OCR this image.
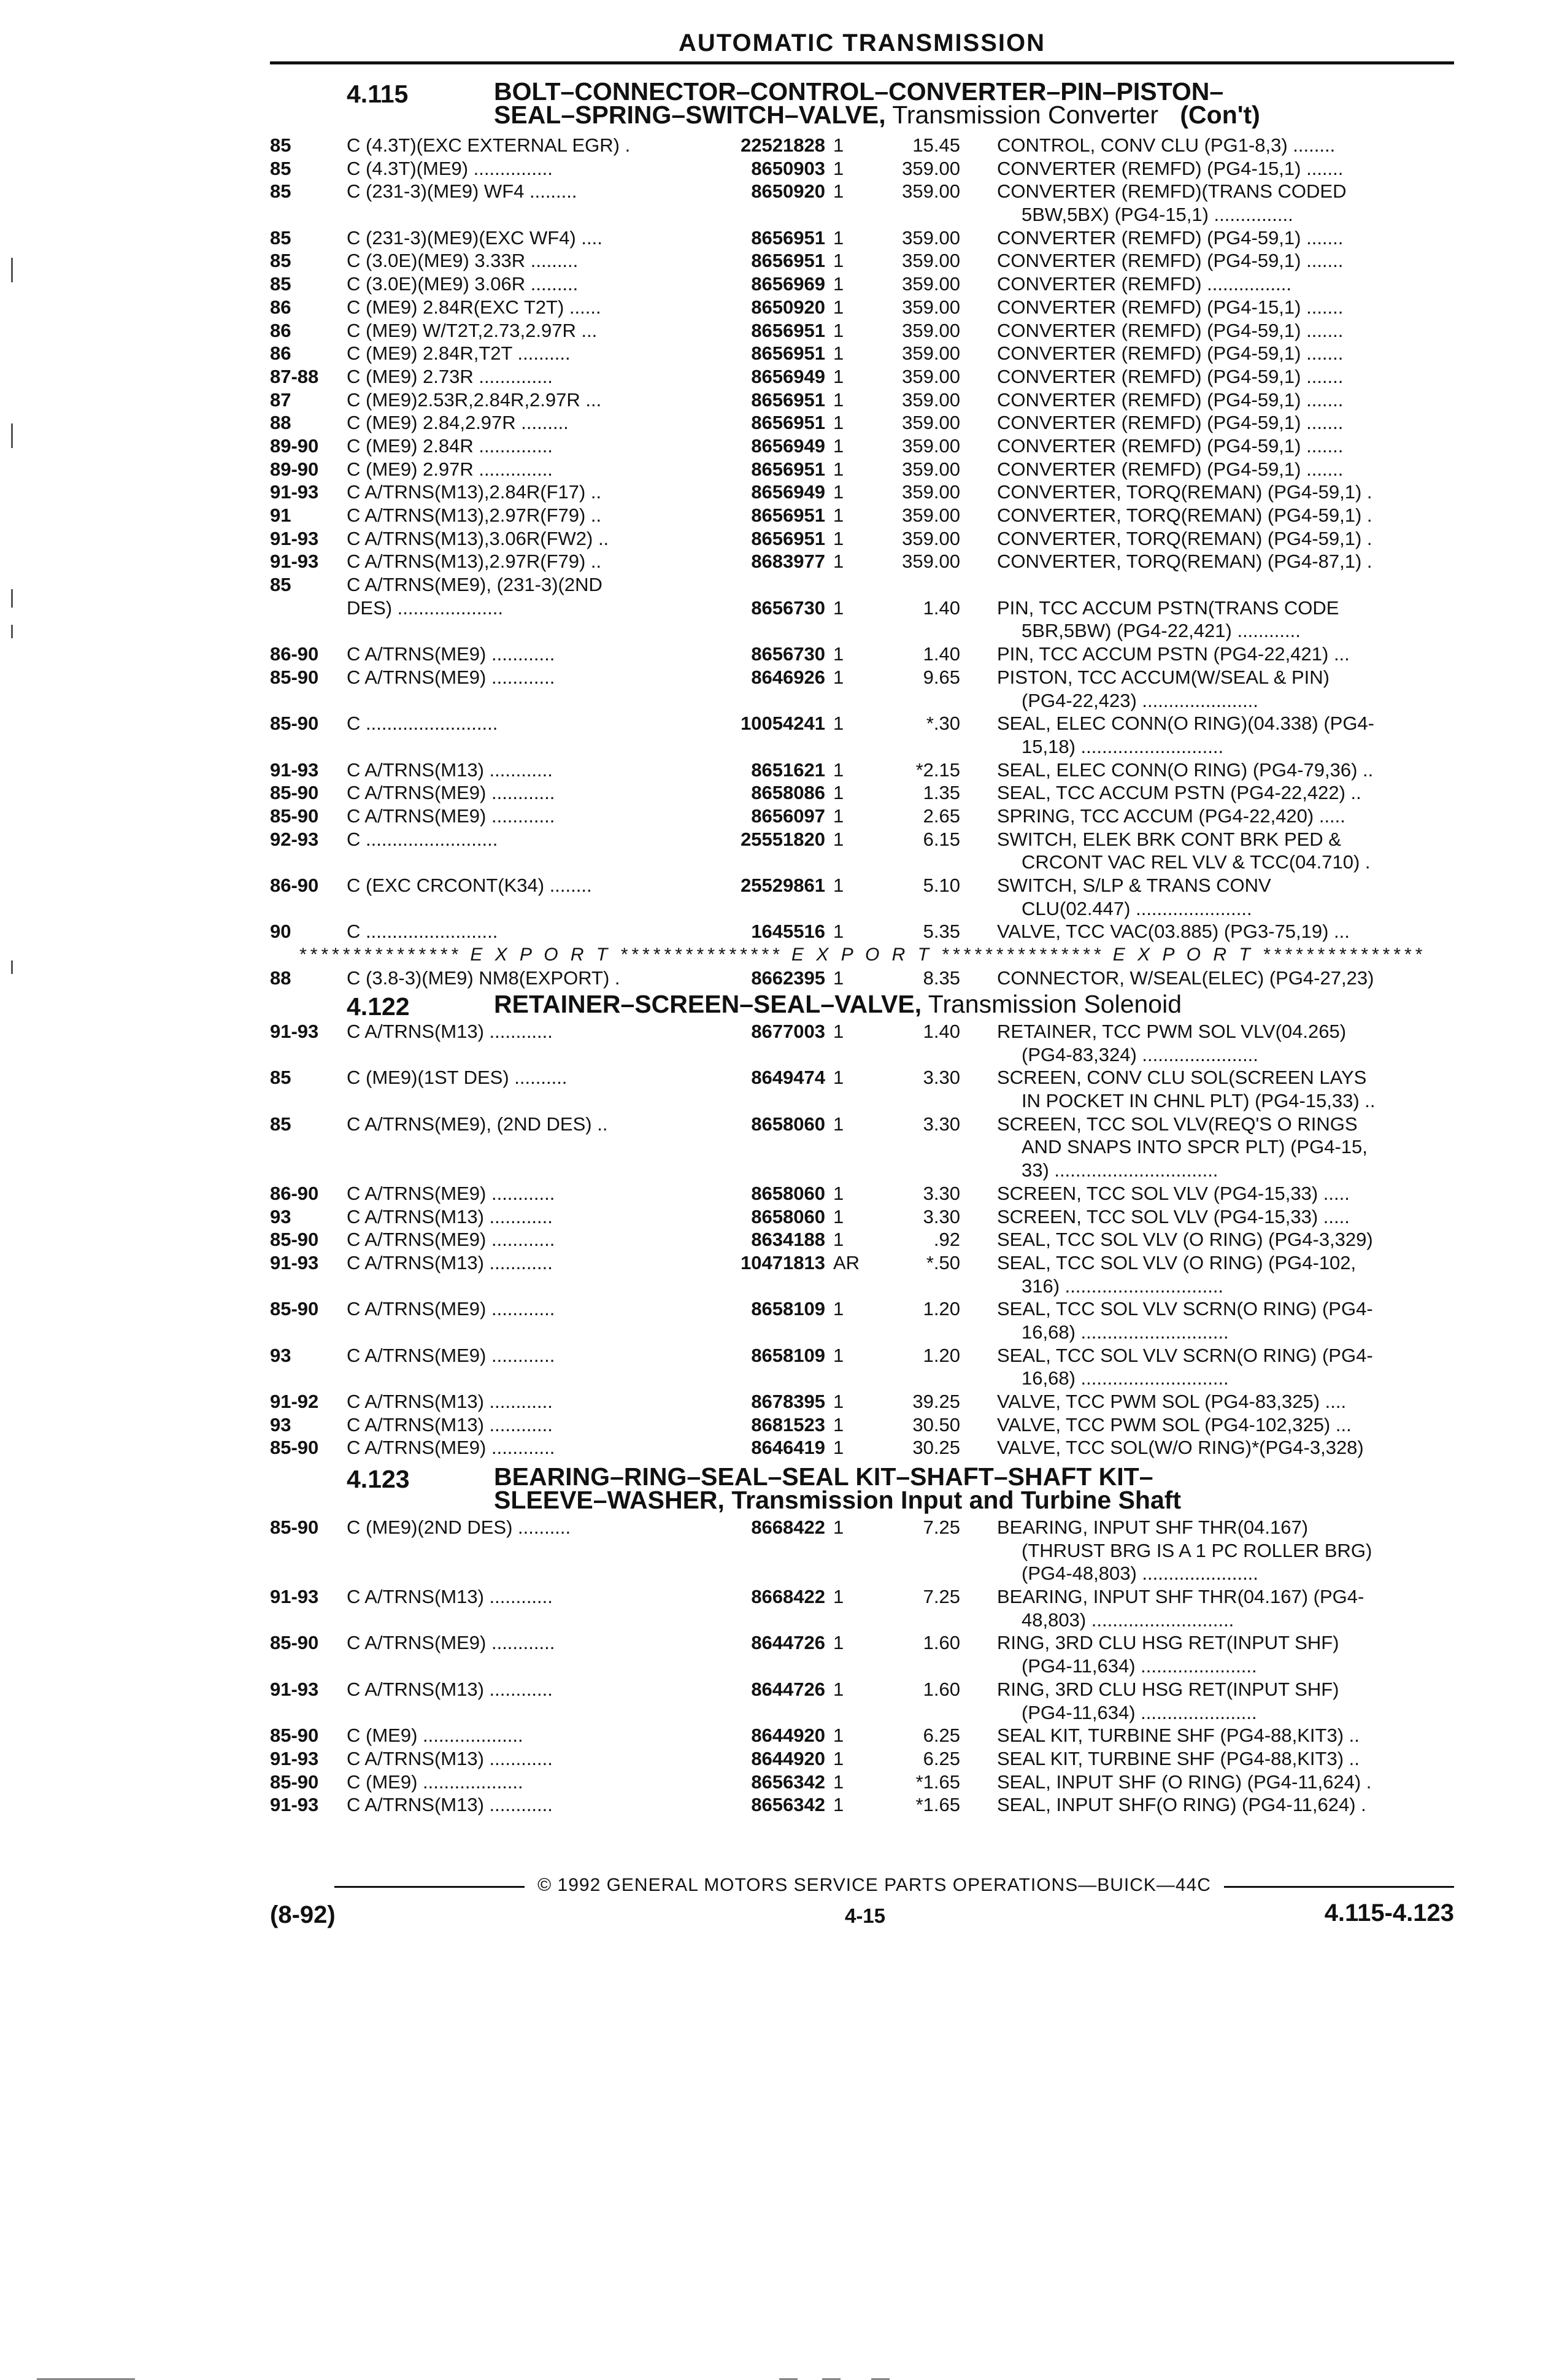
AUTOMATIC TRANSMISSION
4.115	BOLT–CONNECTOR–CONTROL–CONVERTER–PIN–PISTON–
SEAL–SPRING–SWITCH–VALVE, Transmission Converter (Con't)
85	C (4.3T)(EXC EXTERNAL EGR) .	22521828 1	15.45 CONTROL, CONV CLU (PG1-8,3) ........
85	C (4.3T)(ME9) ...............	8650903 1	359.00 CONVERTER (REMFD) (PG4-15,1) .......
85	C (231-3)(ME9) WF4 .........	8650920 1	359.00 CONVERTER (REMFD)(TRANS CODED
5BW,5BX) (PG4-15,1) ...............
85	C (231-3)(ME9)(EXC WF4) ....	8656951 1	359.00 CONVERTER (REMFD) (PG4-59,1) .......
85	C (3.0E)(ME9) 3.33R .........	8656951 1	359.00 CONVERTER (REMFD) (PG4-59,1) .......
85	C (3.0E)(ME9) 3.06R .........	8656969 1	359.00 CONVERTER (REMFD) ................
86	C (ME9) 2.84R(EXC T2T) ......	8650920 1	359.00 CONVERTER (REMFD) (PG4-15,1) .......
86	C (ME9) W/T2T,2.73,2.97R ...	8656951 1	359.00 CONVERTER (REMFD) (PG4-59,1) .......
86	C (ME9) 2.84R,T2T ..........	8656951 1	359.00 CONVERTER (REMFD) (PG4-59,1) .......
87-88	C (ME9) 2.73R ..............	8656949 1	359.00 CONVERTER (REMFD) (PG4-59,1) .......
87	C (ME9)2.53R,2.84R,2.97R ...	8656951 1	359.00 CONVERTER (REMFD) (PG4-59,1) .......
88	C (ME9) 2.84,2.97R .........	8656951 1	359.00 CONVERTER (REMFD) (PG4-59,1) .......
89-90	C (ME9) 2.84R ..............	8656949 1	359.00 CONVERTER (REMFD) (PG4-59,1) .......
89-90	C (ME9) 2.97R ..............	8656951 1	359.00 CONVERTER (REMFD) (PG4-59,1) .......
91-93	C A/TRNS(M13),2.84R(F17) ..	8656949 1	359.00 CONVERTER, TORQ(REMAN) (PG4-59,1) .
91	C A/TRNS(M13),2.97R(F79) ..	8656951 1	359.00 CONVERTER, TORQ(REMAN) (PG4-59,1) .
91-93	C A/TRNS(M13),3.06R(FW2) ..	8656951 1	359.00 CONVERTER, TORQ(REMAN) (PG4-59,1) .
91-93	C A/TRNS(M13),2.97R(F79) ..	8683977 1	359.00 CONVERTER, TORQ(REMAN) (PG4-87,1) .
85	C A/TRNS(ME9), (231-3)(2ND
DES) ....................	8656730 1	1.40 PIN, TCC ACCUM PSTN(TRANS CODE
5BR,5BW) (PG4-22,421) ............
86-90	C A/TRNS(ME9) ............	8656730 1	1.40 PIN, TCC ACCUM PSTN (PG4-22,421) ...
85-90	C A/TRNS(ME9) ............	8646926 1	9.65 PISTON, TCC ACCUM(W/SEAL & PIN)
(PG4-22,423) ......................
85-90	C .........................	10054241 1	*.30 SEAL, ELEC CONN(O RING)(04.338) (PG4-
15,18) ...........................
91-93	C A/TRNS(M13) ............	8651621 1	*2.15 SEAL, ELEC CONN(O RING) (PG4-79,36) ..
85-90	C A/TRNS(ME9) ............	8658086 1	1.35 SEAL, TCC ACCUM PSTN (PG4-22,422) ..
85-90	C A/TRNS(ME9) ............	8656097 1	2.65 SPRING, TCC ACCUM (PG4-22,420) .....
92-93	C .........................	25551820 1	6.15 SWITCH, ELEK BRK CONT BRK PED &
CRCONT VAC REL VLV & TCC(04.710) .
86-90	C (EXC CRCONT(K34) ........	25529861 1	5.10 SWITCH, S/LP & TRANS CONV
CLU(02.447) ......................
90	C .........................	1645516 1	5.35 VALVE, TCC VAC(03.885) (PG3-75,19) ...
*************** E X P O R T *************** E X P O R T *************** E X P O R T ***************
88	C (3.8-3)(ME9) NM8(EXPORT) .	8662395 1	8.35 CONNECTOR, W/SEAL(ELEC) (PG4-27,23)
4.122	RETAINER–SCREEN–SEAL–VALVE, Transmission Solenoid
91-93	C A/TRNS(M13) ............	8677003 1	1.40 RETAINER, TCC PWM SOL VLV(04.265)
(PG4-83,324) ......................
85	C (ME9)(1ST DES) ..........	8649474 1	3.30 SCREEN, CONV CLU SOL(SCREEN LAYS
IN POCKET IN CHNL PLT) (PG4-15,33) ..
85	C A/TRNS(ME9), (2ND DES) ..	8658060 1	3.30 SCREEN, TCC SOL VLV(REQ'S O RINGS
AND SNAPS INTO SPCR PLT) (PG4-15,
33) ...............................
86-90	C A/TRNS(ME9) ............	8658060 1	3.30 SCREEN, TCC SOL VLV (PG4-15,33) .....
93	C A/TRNS(M13) ............	8658060 1	3.30 SCREEN, TCC SOL VLV (PG4-15,33) .....
85-90	C A/TRNS(ME9) ............	8634188 1	.92 SEAL, TCC SOL VLV (O RING) (PG4-3,329)
91-93	C A/TRNS(M13) ............	10471813 AR	*.50 SEAL, TCC SOL VLV (O RING) (PG4-102,
316) ..............................
85-90	C A/TRNS(ME9) ............	8658109 1	1.20 SEAL, TCC SOL VLV SCRN(O RING) (PG4-
16,68) ............................
93	C A/TRNS(ME9) ............	8658109 1	1.20 SEAL, TCC SOL VLV SCRN(O RING) (PG4-
16,68) ............................
91-92	C A/TRNS(M13) ............	8678395 1	39.25 VALVE, TCC PWM SOL (PG4-83,325) ....
93	C A/TRNS(M13) ............	8681523 1	30.50 VALVE, TCC PWM SOL (PG4-102,325) ...
85-90	C A/TRNS(ME9) ............	8646419 1	30.25 VALVE, TCC SOL(W/O RING)*(PG4-3,328)
4.123	BEARING–RING–SEAL–SEAL KIT–SHAFT–SHAFT KIT–
SLEEVE–WASHER, Transmission Input and Turbine Shaft
85-90	C (ME9)(2ND DES) ..........	8668422 1	7.25 BEARING, INPUT SHF THR(04.167)
(THRUST BRG IS A 1 PC ROLLER BRG)
(PG4-48,803) ......................
91-93	C A/TRNS(M13) ............	8668422 1	7.25 BEARING, INPUT SHF THR(04.167) (PG4-
48,803) ...........................
85-90	C A/TRNS(ME9) ............	8644726 1	1.60 RING, 3RD CLU HSG RET(INPUT SHF)
(PG4-11,634) ......................
91-93	C A/TRNS(M13) ............	8644726 1	1.60 RING, 3RD CLU HSG RET(INPUT SHF)
(PG4-11,634) ......................
85-90	C (ME9) ...................	8644920 1	6.25 SEAL KIT, TURBINE SHF (PG4-88,KIT3) ..
91-93	C A/TRNS(M13) ............	8644920 1	6.25 SEAL KIT, TURBINE SHF (PG4-88,KIT3) ..
85-90	C (ME9) ...................	8656342 1	*1.65 SEAL, INPUT SHF (O RING) (PG4-11,624) .
91-93	C A/TRNS(M13) ............	8656342 1	*1.65 SEAL, INPUT SHF(O RING) (PG4-11,624) .
© 1992 GENERAL MOTORS SERVICE PARTS OPERATIONS—BUICK—44C
(8-92)	4-15	4.115-4.123
